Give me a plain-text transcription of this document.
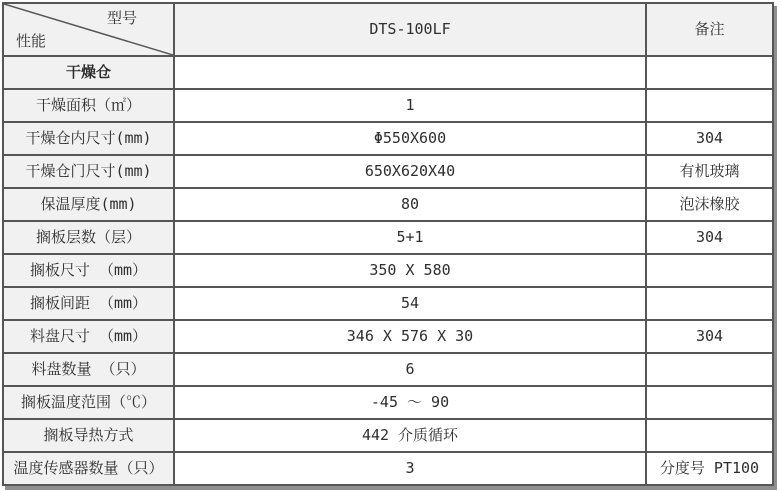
型号
性能	DTS-100LF	备注
干燥仓		
干燥面积（㎡）	1	
干燥仓内尺寸(mm)	Φ550X600	304
干燥仓门尺寸(mm)	650X620X40	有机玻璃
保温厚度(mm)	80	泡沫橡胶
搁板层数（层）	5+1	304
搁板尺寸 （mm）	350 X 580	
搁板间距 （mm）	54	
料盘尺寸 （mm）	346 X 576 X 30	304
料盘数量 （只）	6	
搁板温度范围（℃）	-45 ～ 90	
搁板导热方式	442 介质循环	
温度传感器数量（只）	3	分度号 PT100
